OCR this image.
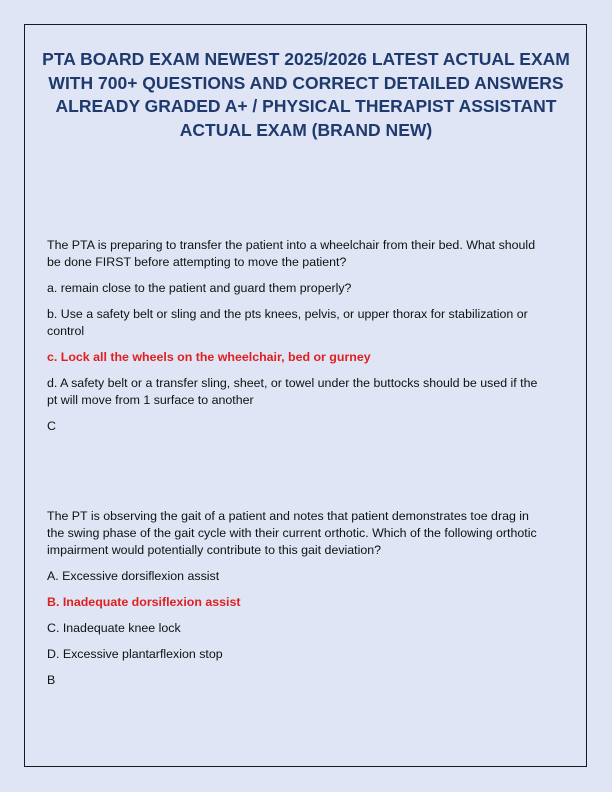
PTA BOARD EXAM NEWEST 2025/2026 LATEST ACTUAL EXAM WITH 700+ QUESTIONS AND CORRECT DETAILED ANSWERS ALREADY GRADED A+ / PHYSICAL THERAPIST ASSISTANT ACTUAL EXAM (BRAND NEW)

The PTA is preparing to transfer the patient into a wheelchair from their bed. What should be done FIRST before attempting to move the patient?

a. remain close to the patient and guard them properly?

b. Use a safety belt or sling and the pts knees, pelvis, or upper thorax for stabilization or control

c. Lock all the wheels on the wheelchair, bed or gurney

d. A safety belt or a transfer sling, sheet, or towel under the buttocks should be used if the pt will move from 1 surface to another

C

The PT is observing the gait of a patient and notes that patient demonstrates toe drag in the swing phase of the gait cycle with their current orthotic. Which of the following orthotic impairment would potentially contribute to this gait deviation?

A. Excessive dorsiflexion assist

B. Inadequate dorsiflexion assist

C. Inadequate knee lock

D. Excessive plantarflexion stop

B
